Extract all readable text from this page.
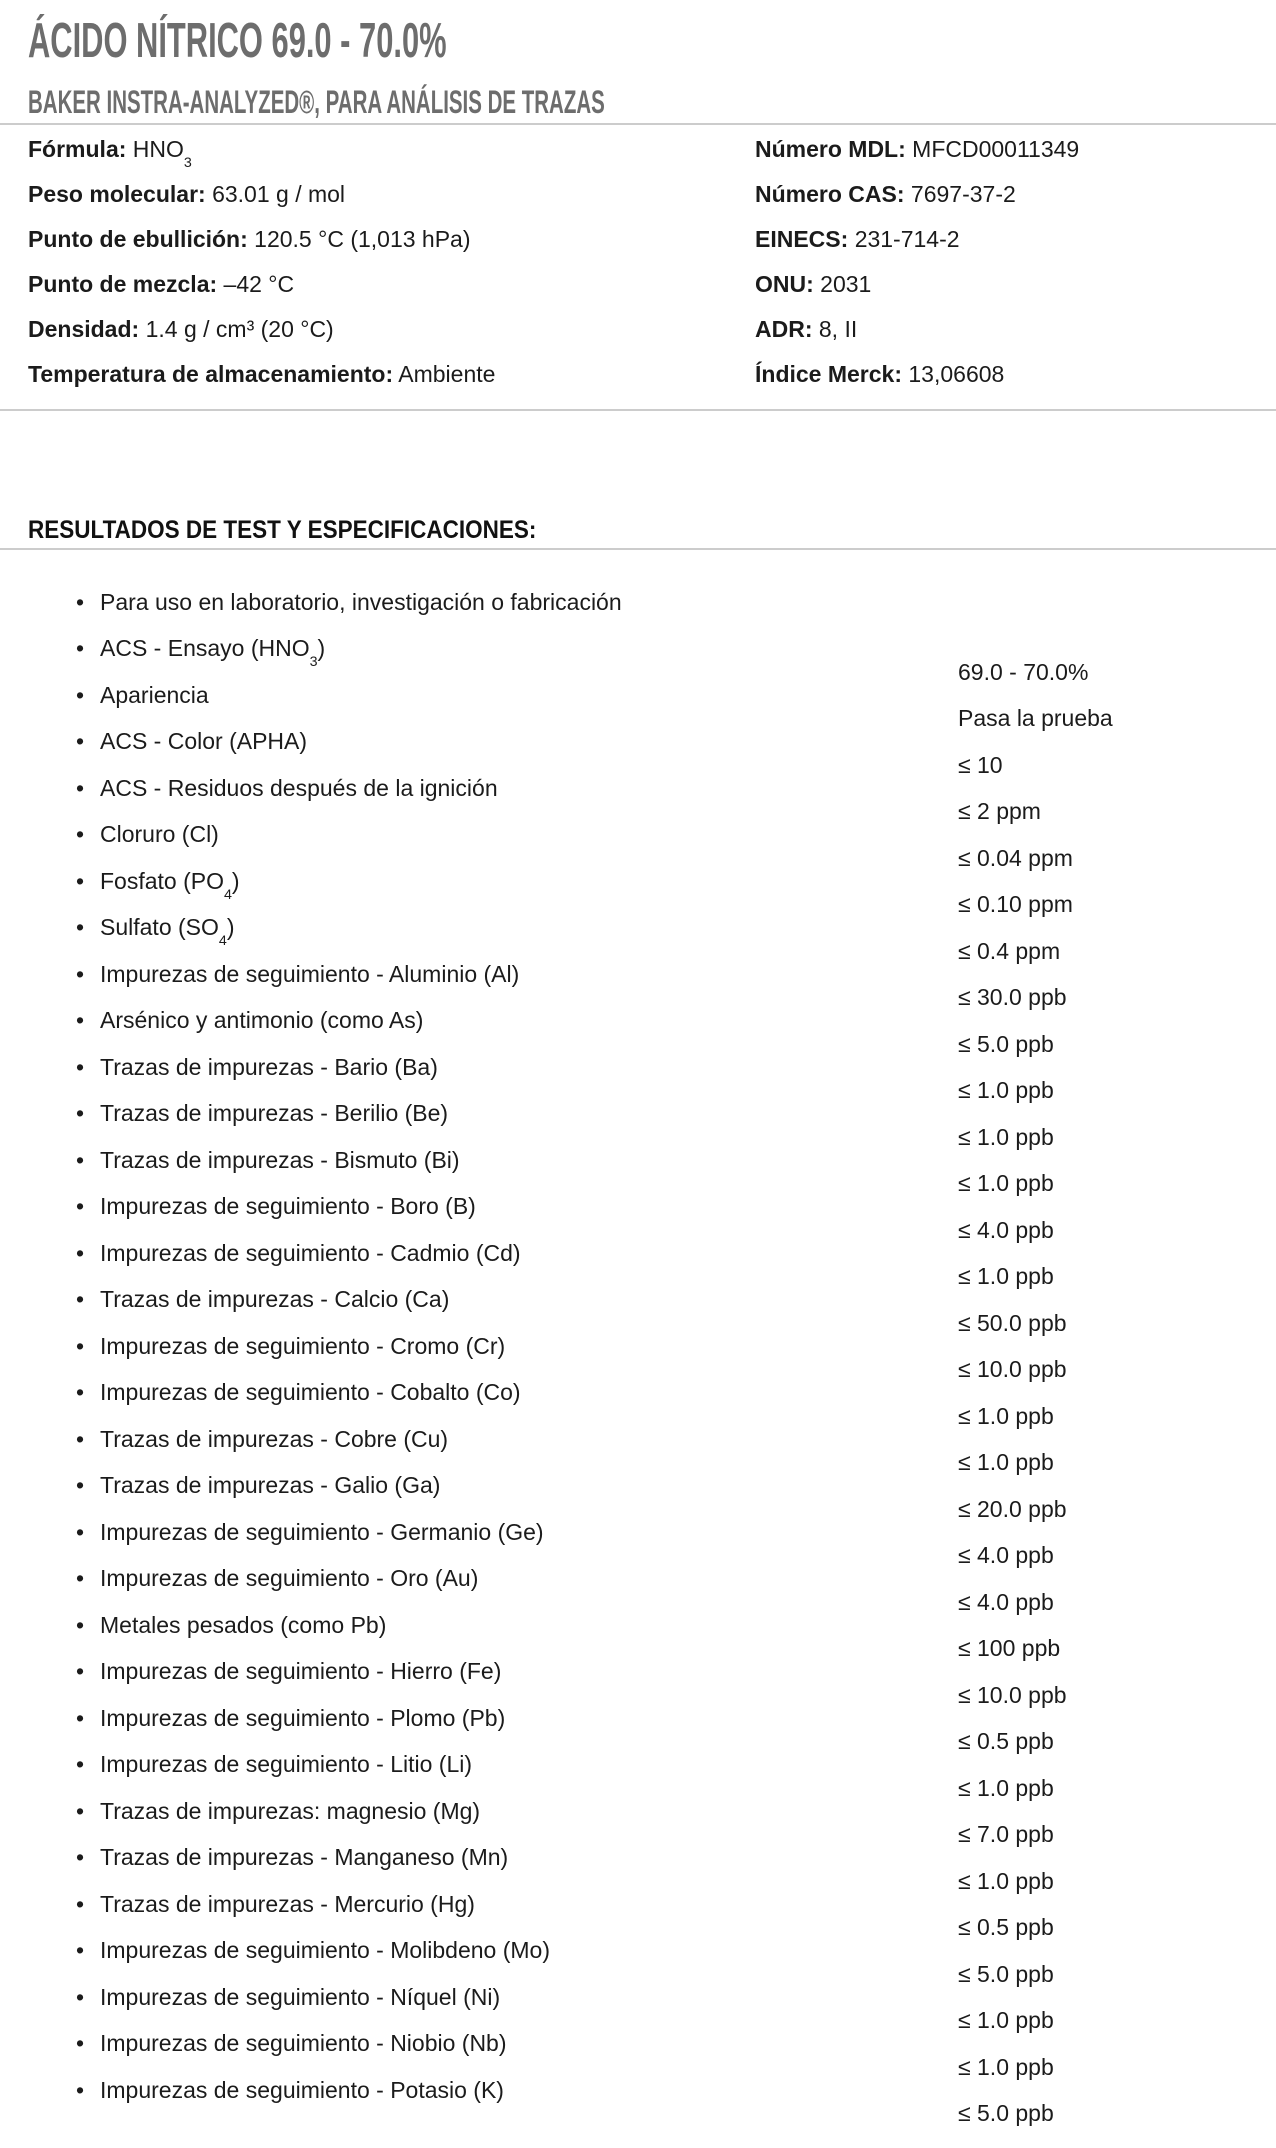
ÁCIDO NÍTRICO 69.0 - 70.0%
BAKER INSTRA-ANALYZED®, PARA ANÁLISIS DE TRAZAS
Fórmula: $HNO_3$
Peso molecular: 63.01 g / mol
Punto de ebullición: 120.5 °C (1,013 hPa)
Punto de mezcla: –42 °C
Densidad: 1.4 g / cm³ (20 °C)
Temperatura de almacenamiento: Ambiente
Número MDL: MFCD00011349
Número CAS: 7697-37-2
EINECS: 231-714-2
ONU: 2031
ADR: 8, II
Índice Merck: 13,06608
RESULTADOS DE TEST Y ESPECIFICACIONES:
• Para uso en laboratorio, investigación o fabricación
• ACS - Ensayo $(HNO_3)$
• Apariencia
• ACS - Color (APHA)
• ACS - Residuos después de la ignición
• Cloruro (Cl)
• Fosfato $(PO_4)$
• Sulfato $(SO_4)$
• Impurezas de seguimiento - Aluminio (Al)
• Arsénico y antimonio (como As)
• Trazas de impurezas - Bario (Ba)
• Trazas de impurezas - Berilio (Be)
• Trazas de impurezas - Bismuto (Bi)
• Impurezas de seguimiento - Boro (B)
• Impurezas de seguimiento - Cadmio (Cd)
• Trazas de impurezas - Calcio (Ca)
• Impurezas de seguimiento - Cromo (Cr)
• Impurezas de seguimiento - Cobalto (Co)
• Trazas de impurezas - Cobre (Cu)
• Trazas de impurezas - Galio (Ga)
• Impurezas de seguimiento - Germanio (Ge)
• Impurezas de seguimiento - Oro (Au)
• Metales pesados (como Pb)
• Impurezas de seguimiento - Hierro (Fe)
• Impurezas de seguimiento - Plomo (Pb)
• Impurezas de seguimiento - Litio (Li)
• Trazas de impurezas: magnesio (Mg)
• Trazas de impurezas - Manganeso (Mn)
• Trazas de impurezas - Mercurio (Hg)
• Impurezas de seguimiento - Molibdeno (Mo)
• Impurezas de seguimiento - Níquel (Ni)
• Impurezas de seguimiento - Niobio (Nb)
• Impurezas de seguimiento - Potasio (K)
69.0 - 70.0%
Pasa la prueba
≤ 10
≤ 2 ppm
≤ 0.04 ppm
≤ 0.10 ppm
≤ 0.4 ppm
≤ 30.0 ppb
≤ 5.0 ppb
≤ 1.0 ppb
≤ 1.0 ppb
≤ 1.0 ppb
≤ 4.0 ppb
≤ 1.0 ppb
≤ 50.0 ppb
≤ 10.0 ppb
≤ 1.0 ppb
≤ 1.0 ppb
≤ 20.0 ppb
≤ 4.0 ppb
≤ 4.0 ppb
≤ 100 ppb
≤ 10.0 ppb
≤ 0.5 ppb
≤ 1.0 ppb
≤ 7.0 ppb
≤ 1.0 ppb
≤ 0.5 ppb
≤ 5.0 ppb
≤ 1.0 ppb
≤ 1.0 ppb
≤ 5.0 ppb
